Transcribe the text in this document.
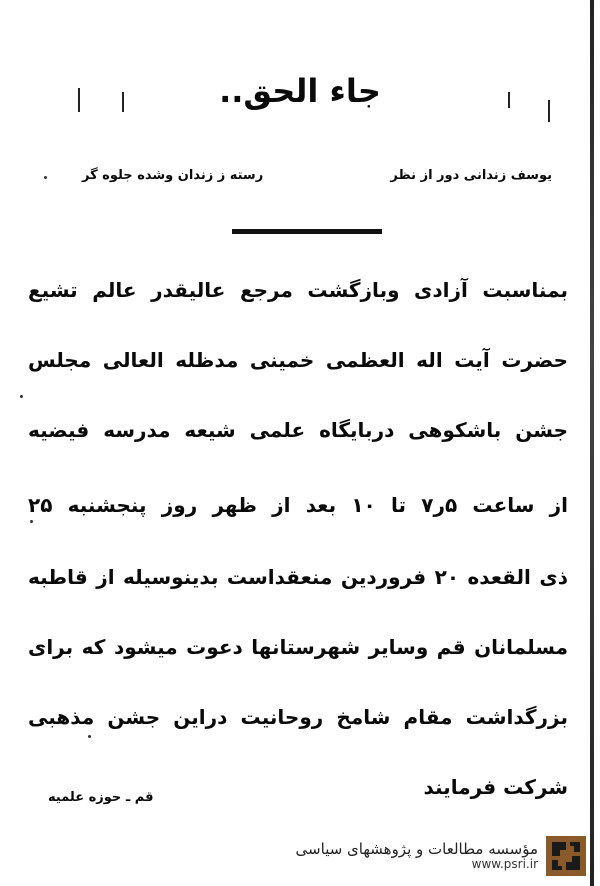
جاء الحق..
یوسف زندانی دور از نظر
رسته ز زندان وشده جلوه گر
بمناسبت آزادی وبازگشت مرجع عالیقدر عالم تشیع
حضرت آیت اله العظمی خمینی مدظله العالی مجلس
جشن باشکوهی دربایگاه علمی شیعه مدرسه فیضیه
از ساعت ۵ر۷ تا ۱۰ بعد از ظهر روز پنجشنبه ۲۵
ذی القعده ۲۰ فروردین منعقداست بدینوسیله از قاطبه
مسلمانان قم وسایر شهرستانها دعوت میشود که برای
بزرگداشت مقام شامخ روحانیت دراین جشن مذهبی
شرکت فرمایند
قم ـ حوزه علمیه
مؤسسه مطالعات و پژوهشهای سیاسی
www.psri.ir
